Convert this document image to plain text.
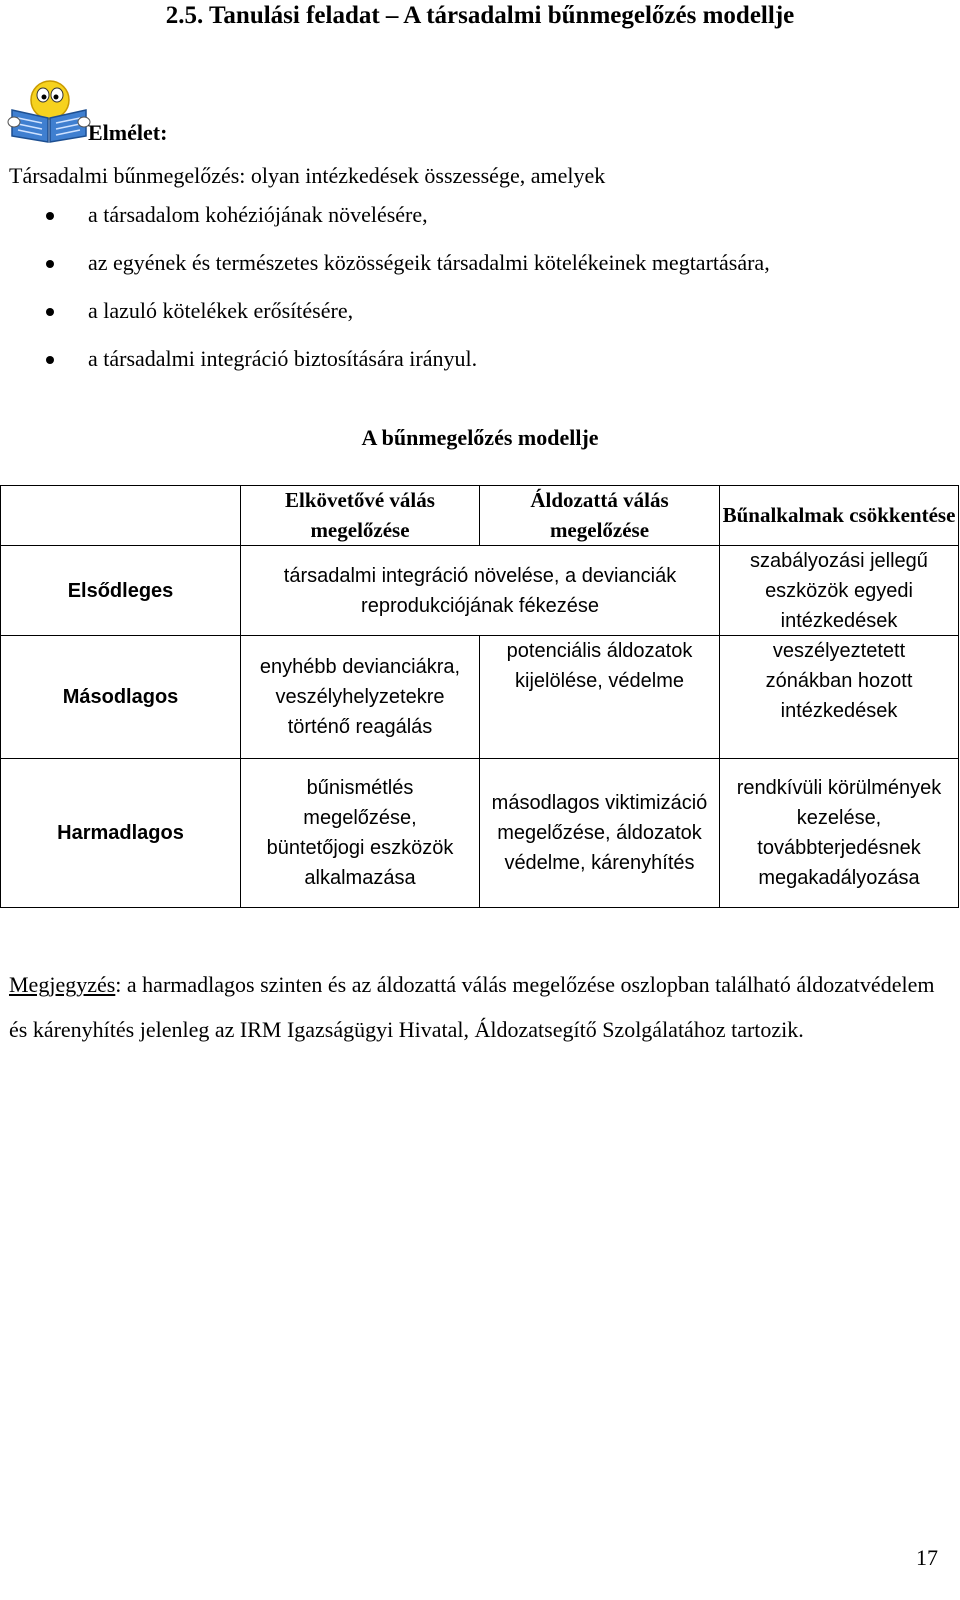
2.5. Tanulási feladat – A társadalmi bűnmegelőzés modellje
Elmélet:
Társadalmi bűnmegelőzés: olyan intézkedések összessége, amelyek
a társadalom kohéziójának növelésére,
az egyének és természetes közösségeik társadalmi kötelékeinek megtartására,
a lazuló kötelékek erősítésére,
a társadalmi integráció biztosítására irányul.
A bűnmegelőzés modellje
Elkövetővé válás megelőzése
Áldozattá válás megelőzése
Bűnalkalmak csökkentése
Elsődleges
Másodlagos
Harmadlagos
társadalmi integráció növelése, a devianciák reprodukciójának fékezése
szabályozási jellegű eszközök egyedi intézkedések
enyhébb devianciákra, veszélyhelyzetekre történő reagálás
potenciális áldozatok kijelölése, védelme
veszélyeztetett zónákban hozott intézkedések
bűnismétlés megelőzése, büntetőjogi eszközök alkalmazása
másodlagos viktimizáció megelőzése, áldozatok védelme, kárenyhítés
rendkívüli körülmények kezelése, továbbterjedésnek megakadályozása
Megjegyzés: a harmadlagos szinten és az áldozattá válás megelőzése oszlopban található áldozatvédelem és kárenyhítés jelenleg az IRM Igazságügyi Hivatal, Áldozatsegítő Szolgálatához tartozik.
17
